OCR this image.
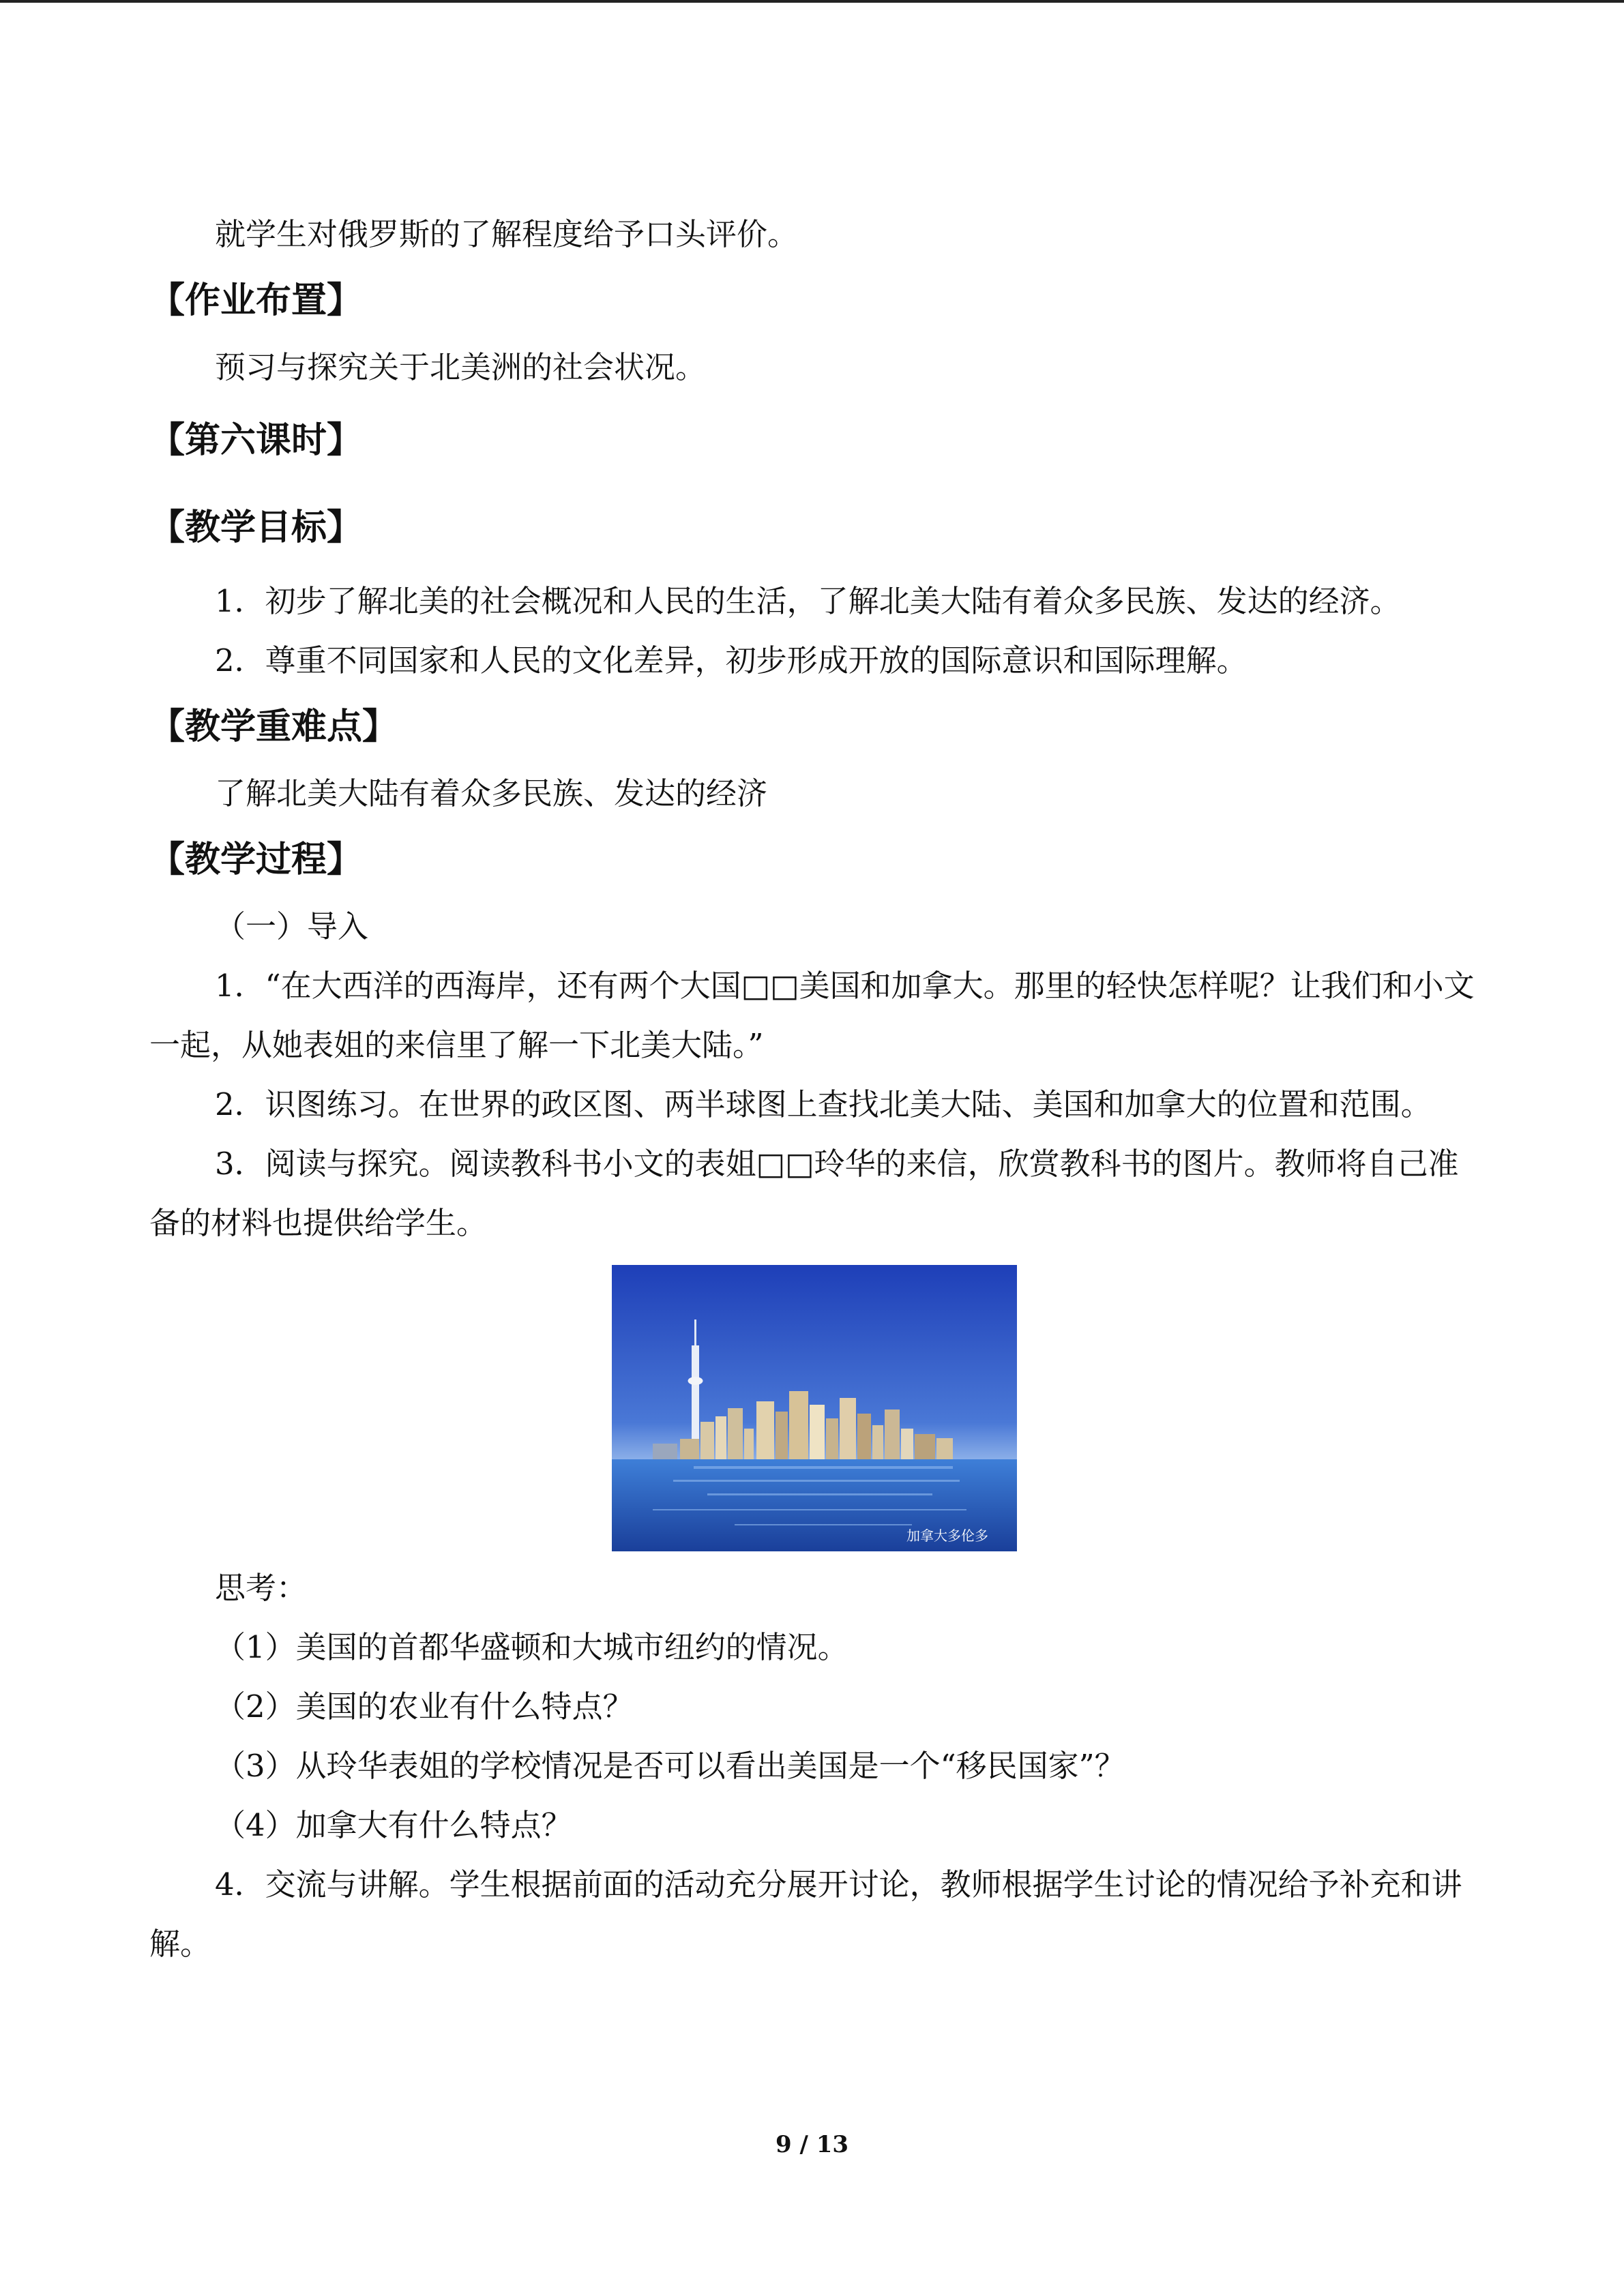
就学生对俄罗斯的了解程度给予口头评价。

【作业布置】

预习与探究关于北美洲的社会状况。

【第六课时】

【教学目标】

1．初步了解北美的社会概况和人民的生活，了解北美大陆有着众多民族、发达的经济。

2．尊重不同国家和人民的文化差异，初步形成开放的国际意识和国际理解。

【教学重难点】

了解北美大陆有着众多民族、发达的经济

【教学过程】

（一）导入

1．“在大西洋的西海岸，还有两个大国□□美国和加拿大。那里的轻快怎样呢？让我们和小文一起，从她表姐的来信里了解一下北美大陆。”

2．识图练习。在世界的政区图、两半球图上查找北美大陆、美国和加拿大的位置和范围。

3．阅读与探究。阅读教科书小文的表姐□□玲华的来信，欣赏教科书的图片。教师将自己准备的材料也提供给学生。

加拿大多伦多

思考：

（1）美国的首都华盛顿和大城市纽约的情况。

（2）美国的农业有什么特点？

（3）从玲华表姐的学校情况是否可以看出美国是一个“移民国家”？

（4）加拿大有什么特点？

4．交流与讲解。学生根据前面的活动充分展开讨论，教师根据学生讨论的情况给予补充和讲解。

9 / 13
